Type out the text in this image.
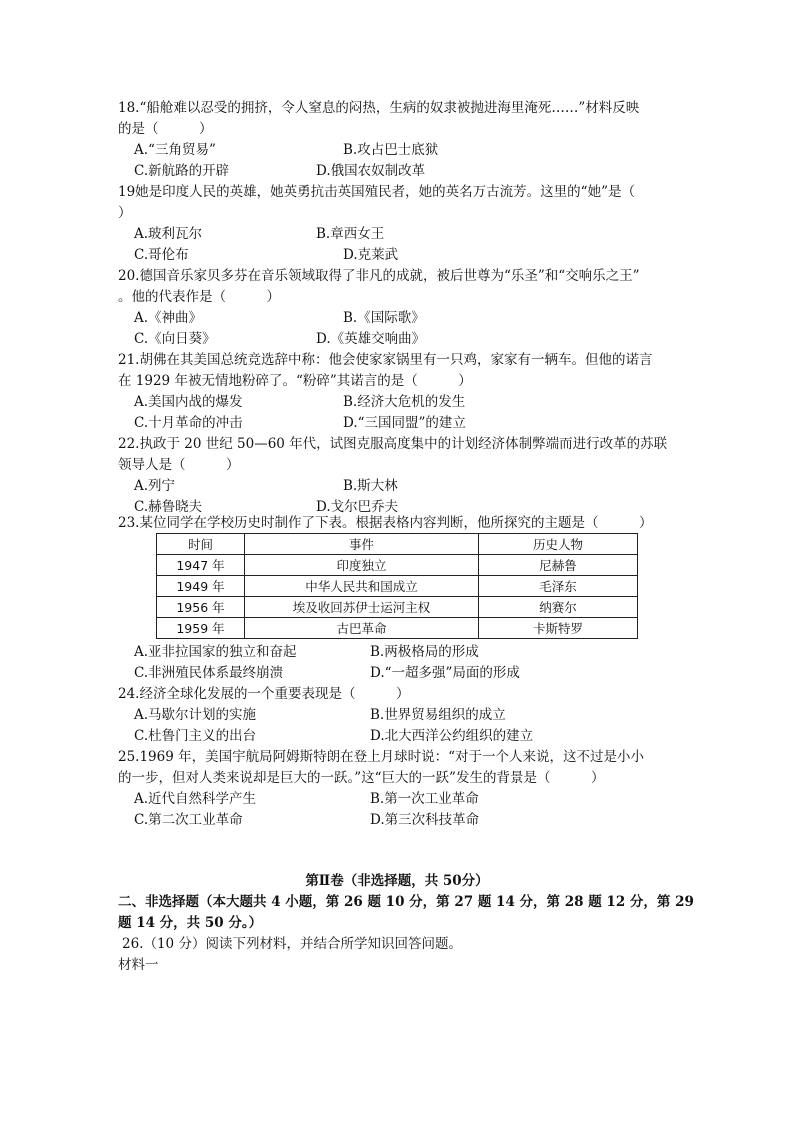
18.“船舱难以忍受的拥挤，令人窒息的闷热，生病的奴隶被抛进海里淹死……”材料反映
的是（　　　）
A.“三角贸易”	B.攻占巴士底狱
C.新航路的开辟	D.俄国农奴制改革
19她是印度人民的英雄，她英勇抗击英国殖民者，她的英名万古流芳。这里的“她”是（
）
A.玻利瓦尔	B.章西女王
C.哥伦布	D.克莱武
20.德国音乐家贝多芬在音乐领域取得了非凡的成就，被后世尊为“乐圣”和“交响乐之王”
。他的代表作是（　　　）
A.《神曲》	B.《国际歌》
C.《向日葵》	D.《英雄交响曲》
21.胡佛在其美国总统竞选辞中称：他会使家家锅里有一只鸡，家家有一辆车。但他的诺言
在 1929 年被无情地粉碎了。“粉碎”其诺言的是（　　　）
A.美国内战的爆发	B.经济大危机的发生
C.十月革命的冲击	D.“三国同盟”的建立
22.执政于 20 世纪 50—60 年代，试图克服高度集中的计划经济体制弊端而进行改革的苏联
领导人是（　　　）
A.列宁	B.斯大林
C.赫鲁晓夫	D.戈尔巴乔夫
23.某位同学在学校历史时制作了下表。根据表格内容判断，他所探究的主题是（　　　）
时间	事件	历史人物
1947 年	印度独立	尼赫鲁
1949 年	中华人民共和国成立	毛泽东
1956 年	埃及收回苏伊士运河主权	纳赛尔
1959 年	古巴革命	卡斯特罗
A.亚非拉国家的独立和奋起	B.两极格局的形成
C.非洲殖民体系最终崩溃	D.“一超多强”局面的形成
24.经济全球化发展的一个重要表现是（　　　）
A.马歇尔计划的实施	B.世界贸易组织的成立
C.杜鲁门主义的出台	D.北大西洋公约组织的建立
25.1969 年，美国宇航局阿姆斯特朗在登上月球时说：“对于一个人来说，这不过是小小
的一步，但对人类来说却是巨大的一跃。”这“巨大的一跃”发生的背景是（　　　）
A.近代自然科学产生	B.第一次工业革命
C.第二次工业革命	D.第三次科技革命
第Ⅱ卷（非选择题，共 50分）
二、非选择题（本大题共 4 小题，第 26 题 10 分，第 27 题 14 分，第 28 题 12 分，第 29
题 14 分，共 50 分。）
26.（10 分）阅读下列材料，并结合所学知识回答问题。
材料一
